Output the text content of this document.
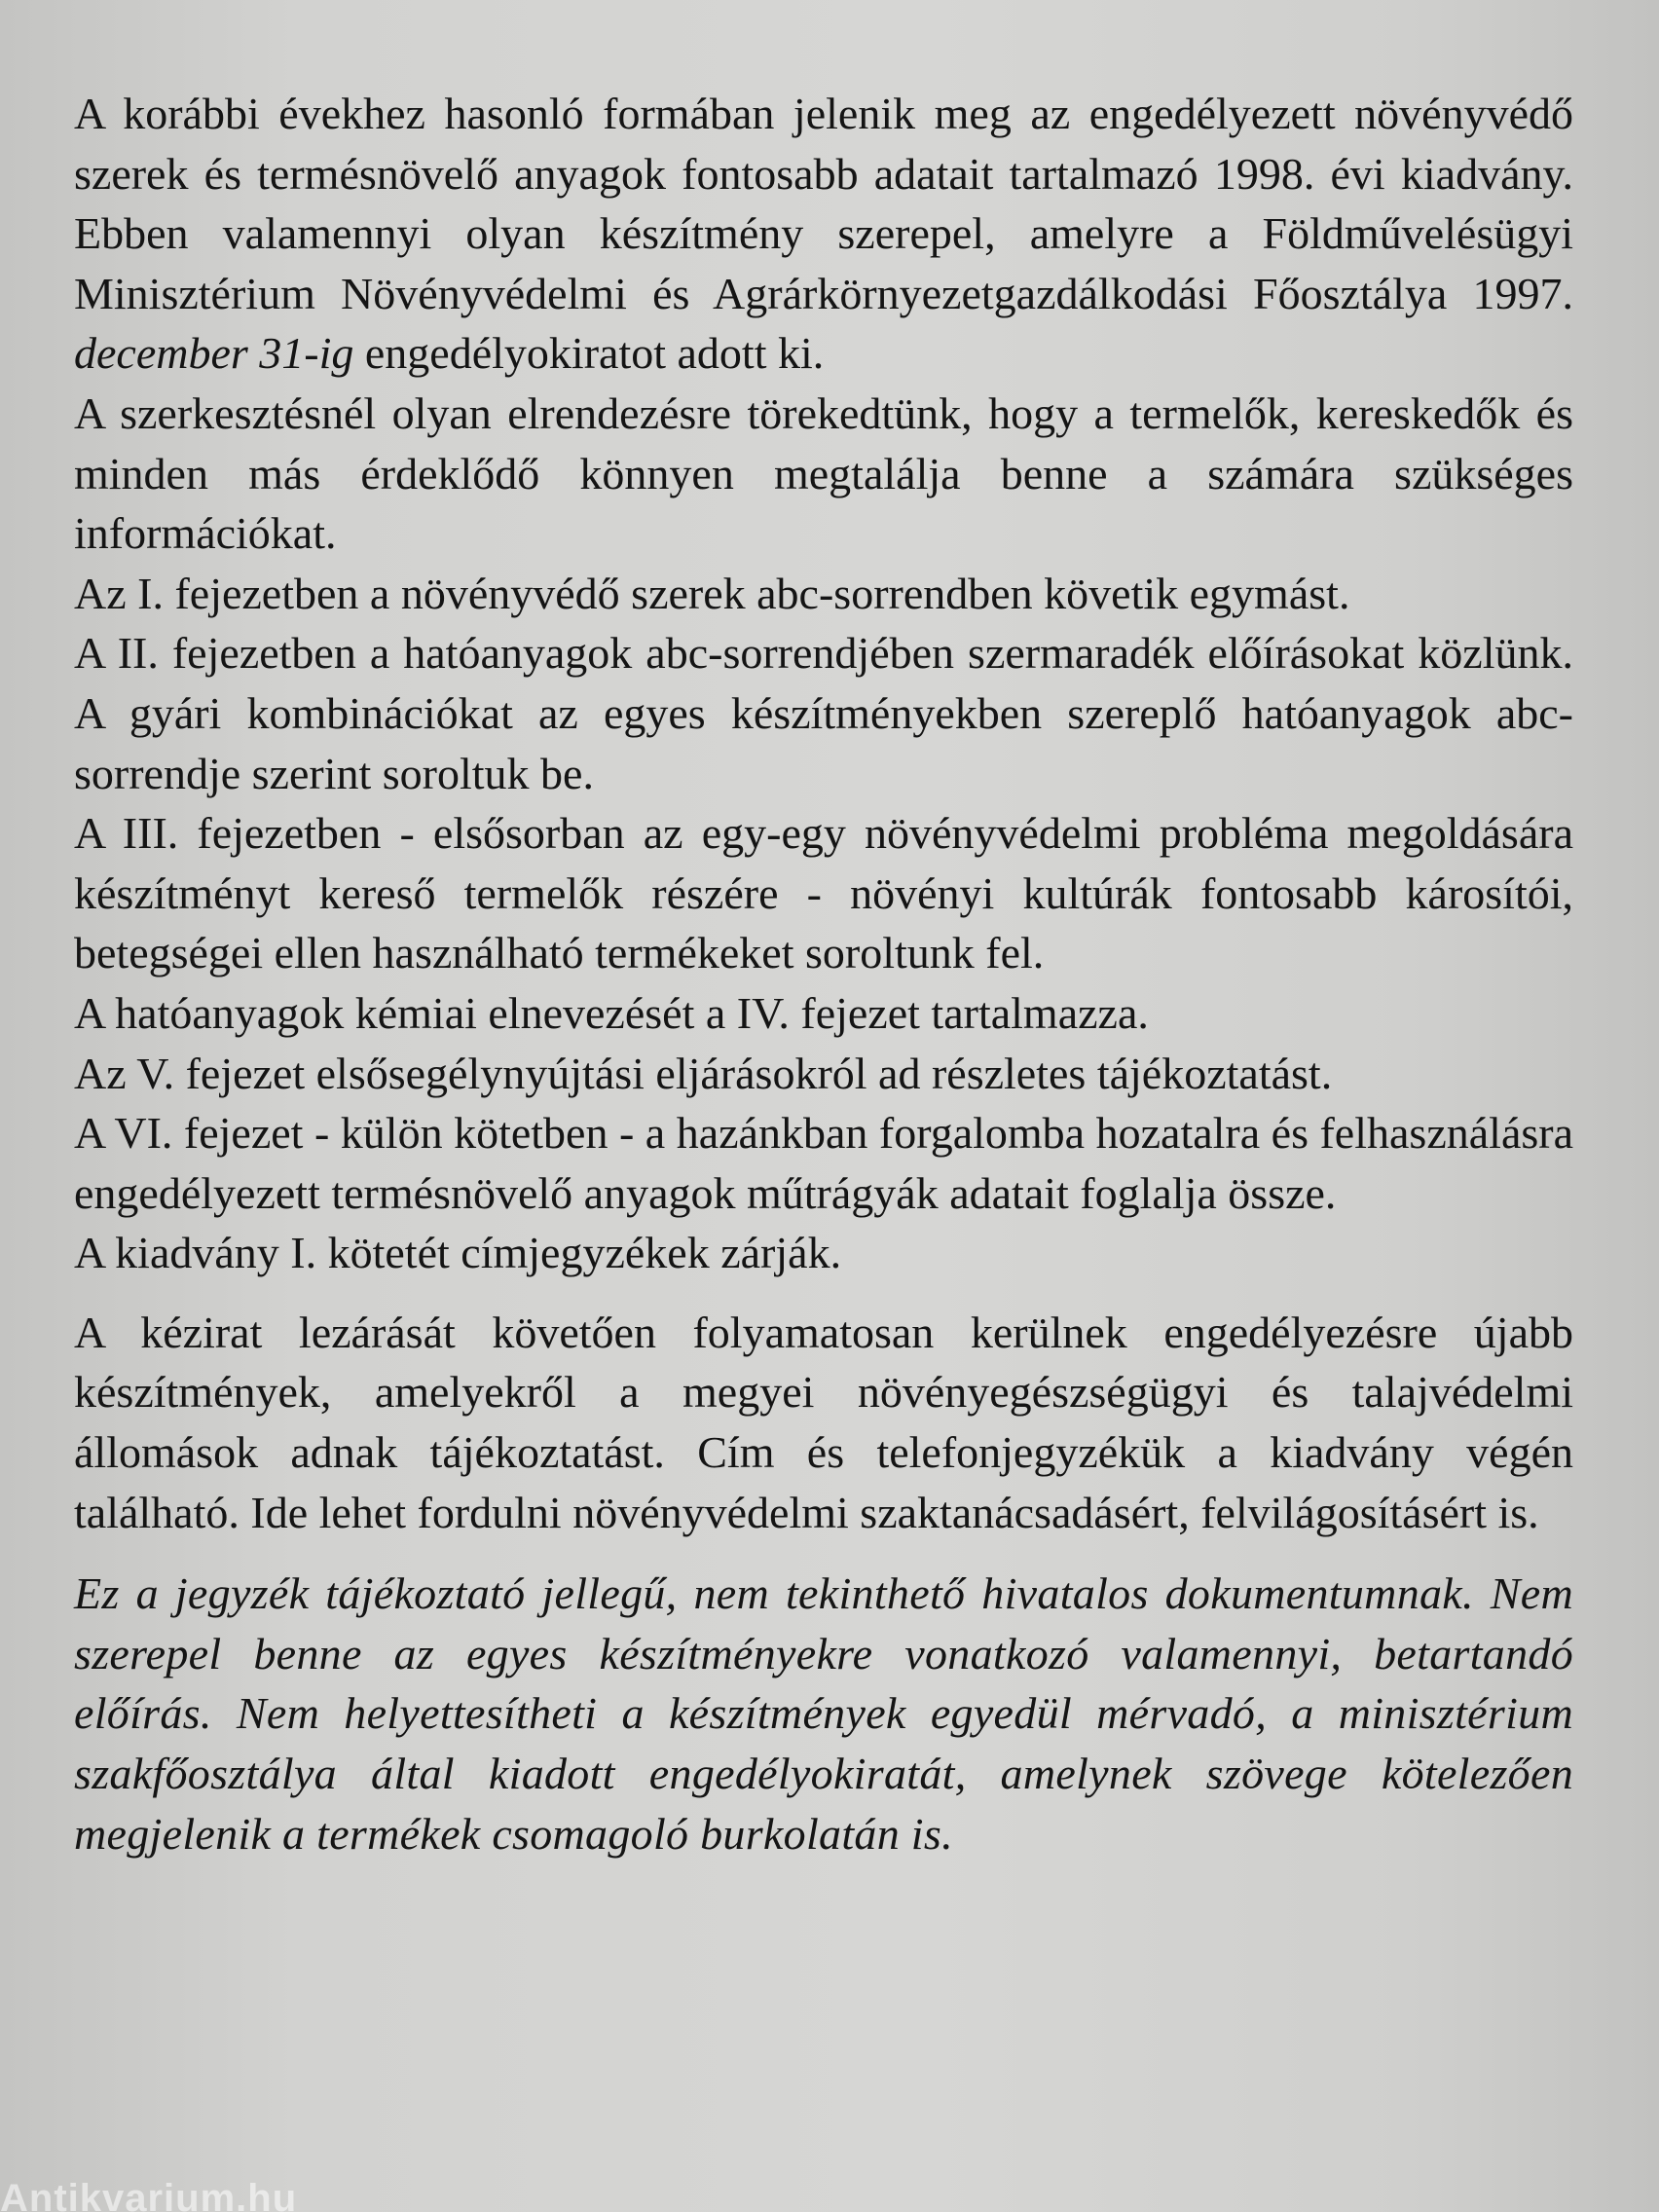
A korábbi évekhez hasonló formában jelenik meg az engedélyezett növényvédő szerek és termésnövelő anyagok fontosabb adatait tartalmazó 1998. évi kiadvány. Ebben valamennyi olyan készítmény szerepel, amelyre a Földművelésügyi Minisztérium Növényvédelmi és Agrárkörnyezetgazdálkodási Főosztálya 1997. december 31-ig engedélyokiratot adott ki.

A szerkesztésnél olyan elrendezésre törekedtünk, hogy a termelők, kereskedők és minden más érdeklődő könnyen megtalálja benne a számára szükséges információkat.

Az I. fejezetben a növényvédő szerek abc-sorrendben követik egymást.

A II. fejezetben a hatóanyagok abc-sorrendjében szermaradék előírásokat közlünk. A gyári kombinációkat az egyes készítményekben szereplő hatóanyagok abc-sorrendje szerint soroltuk be.

A III. fejezetben - elsősorban az egy-egy növényvédelmi probléma megoldására készítményt kereső termelők részére - növényi kultúrák fontosabb károsítói, betegségei ellen használható termékeket soroltunk fel.

A hatóanyagok kémiai elnevezését a IV. fejezet tartalmazza.

Az V. fejezet elsősegélynyújtási eljárásokról ad részletes tájékoztatást.

A VI. fejezet - külön kötetben - a hazánkban forgalomba hozatalra és felhasználásra engedélyezett termésnövelő anyagok műtrágyák adatait foglalja össze.

A kiadvány I. kötetét címjegyzékek zárják.

A kézirat lezárását követően folyamatosan kerülnek engedélyezésre újabb készítmények, amelyekről a megyei növényegészségügyi és talajvédelmi állomások adnak tájékoztatást. Cím és telefonjegyzékük a kiadvány végén található. Ide lehet fordulni növényvédelmi szaktanácsadásért, felvilágosításért is.

Ez a jegyzék tájékoztató jellegű, nem tekinthető hivatalos dokumentumnak. Nem szerepel benne az egyes készítményekre vonatkozó valamennyi, betartandó előírás. Nem helyettesítheti a készítmények egyedül mérvadó, a minisztérium szakfőosztálya által kiadott engedélyokiratát, amelynek szövege kötelezően megjelenik a termékek csomagoló burkolatán is.

Antikvarium.hu
